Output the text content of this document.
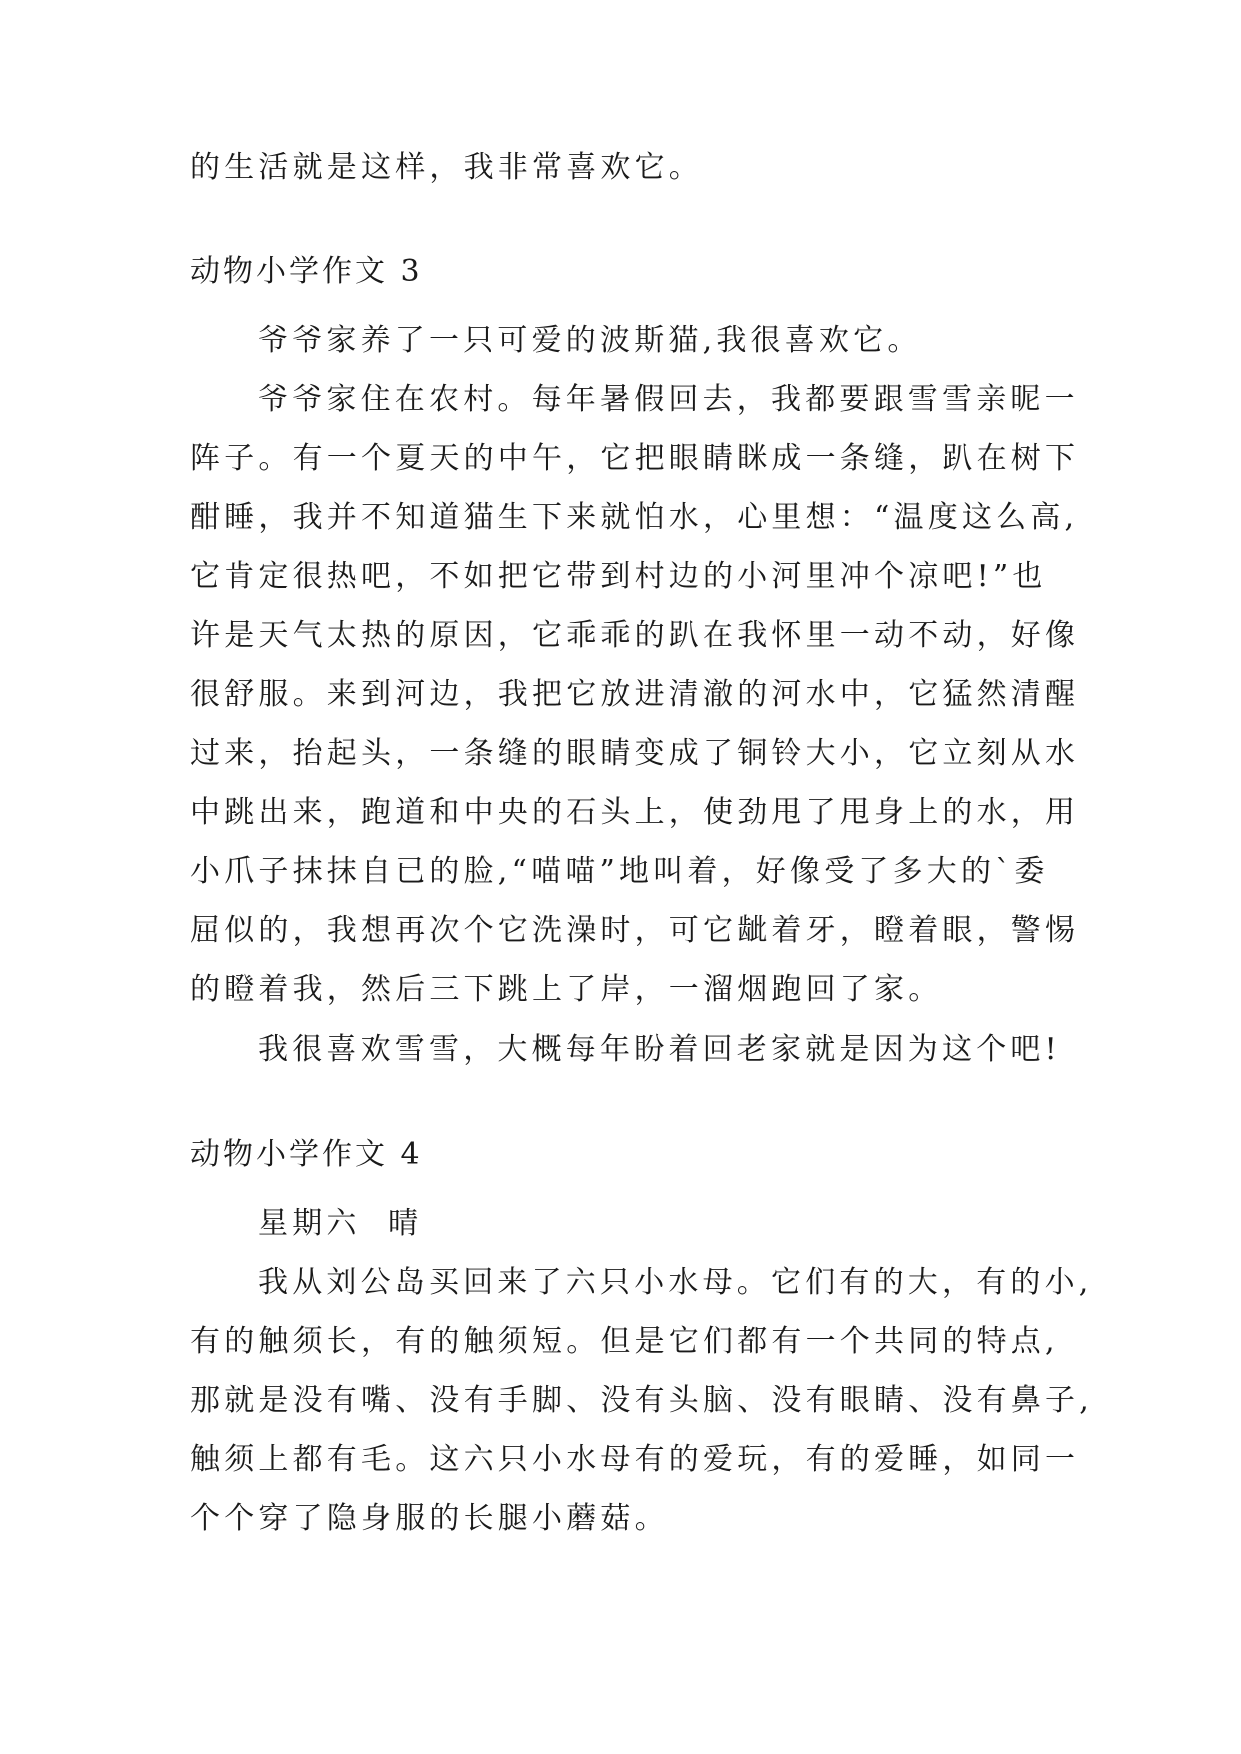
的生活就是这样，我非常喜欢它。

动物小学作文 3

爷爷家养了一只可爱的波斯猫,我很喜欢它。

爷爷家住在农村。每年暑假回去，我都要跟雪雪亲昵一
阵子。有一个夏天的中午，它把眼睛眯成一条缝，趴在树下
酣睡，我并不知道猫生下来就怕水，心里想：“温度这么高,
它肯定很热吧，不如把它带到村边的小河里冲个凉吧!”也
许是天气太热的原因，它乖乖的趴在我怀里一动不动，好像
很舒服。来到河边，我把它放进清澈的河水中，它猛然清醒
过来，抬起头，一条缝的眼睛变成了铜铃大小，它立刻从水
中跳出来，跑道和中央的石头上，使劲甩了甩身上的水，用
小爪子抹抹自已的脸,“喵喵”地叫着，好像受了多大的`委
屈似的，我想再次个它洗澡时，可它龇着牙，瞪着眼，警惕
的瞪着我，然后三下跳上了岸，一溜烟跑回了家。

我很喜欢雪雪，大概每年盼着回老家就是因为这个吧!

动物小学作文 4

星期六  晴

我从刘公岛买回来了六只小水母。它们有的大，有的小,
有的触须长，有的触须短。但是它们都有一个共同的特点,
那就是没有嘴、没有手脚、没有头脑、没有眼睛、没有鼻子,
触须上都有毛。这六只小水母有的爱玩，有的爱睡，如同一
个个穿了隐身服的长腿小蘑菇。
